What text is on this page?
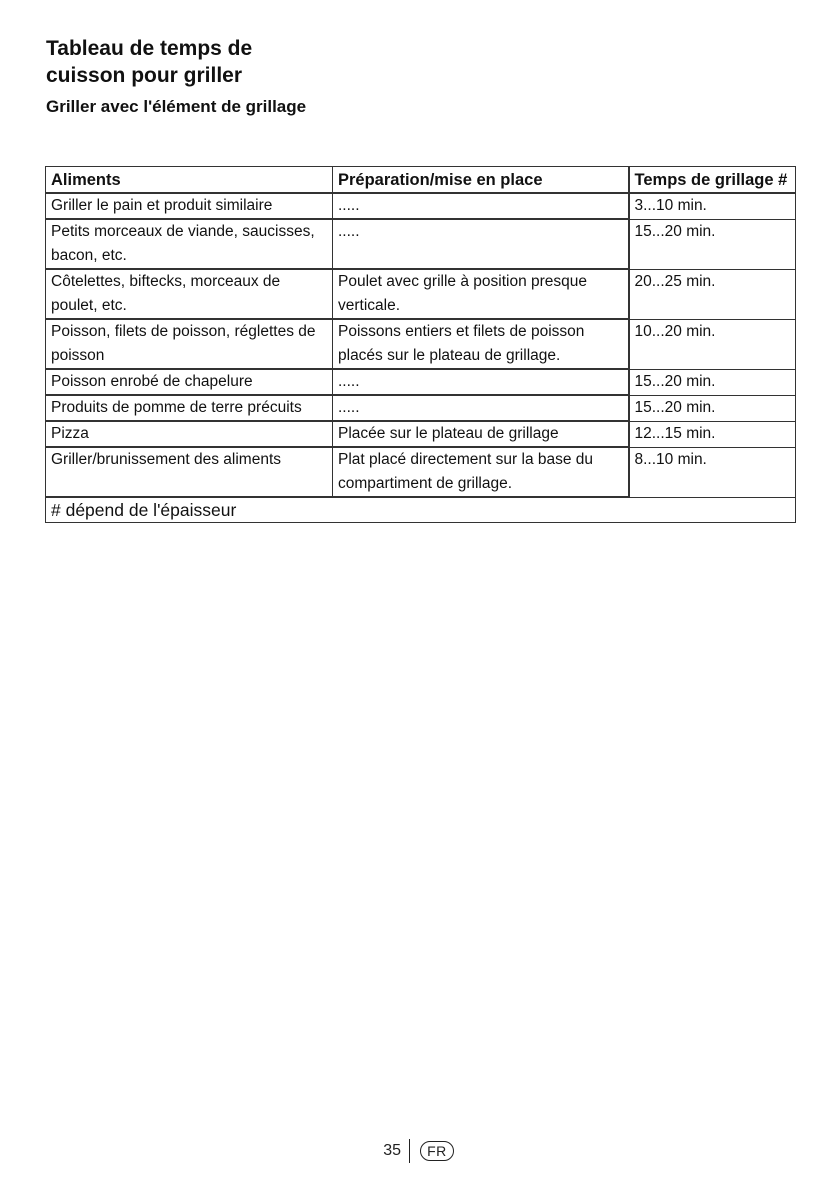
Tableau de temps de
cuisson pour griller
Griller avec l'élément de grillage
Aliments	Préparation/mise en place	Temps de grillage #
Griller le pain et produit similaire	.....	3...10 min.
Petits morceaux de viande, saucisses, bacon, etc.	.....	15...20 min.
Côtelettes, biftecks, morceaux de poulet, etc.	Poulet avec grille à position presque verticale.	20...25 min.
Poisson, filets de poisson, réglettes de poisson	Poissons entiers et filets de poisson placés sur le plateau de grillage.	10...20 min.
Poisson enrobé de chapelure	.....	15...20 min.
Produits de pomme de terre précuits	.....	15...20 min.
Pizza	Placée sur le plateau de grillage	12...15 min.
Griller/brunissement des aliments	Plat placé directement sur la base du compartiment de grillage.	8...10 min.
# dépend de l'épaisseur		
35	FR
